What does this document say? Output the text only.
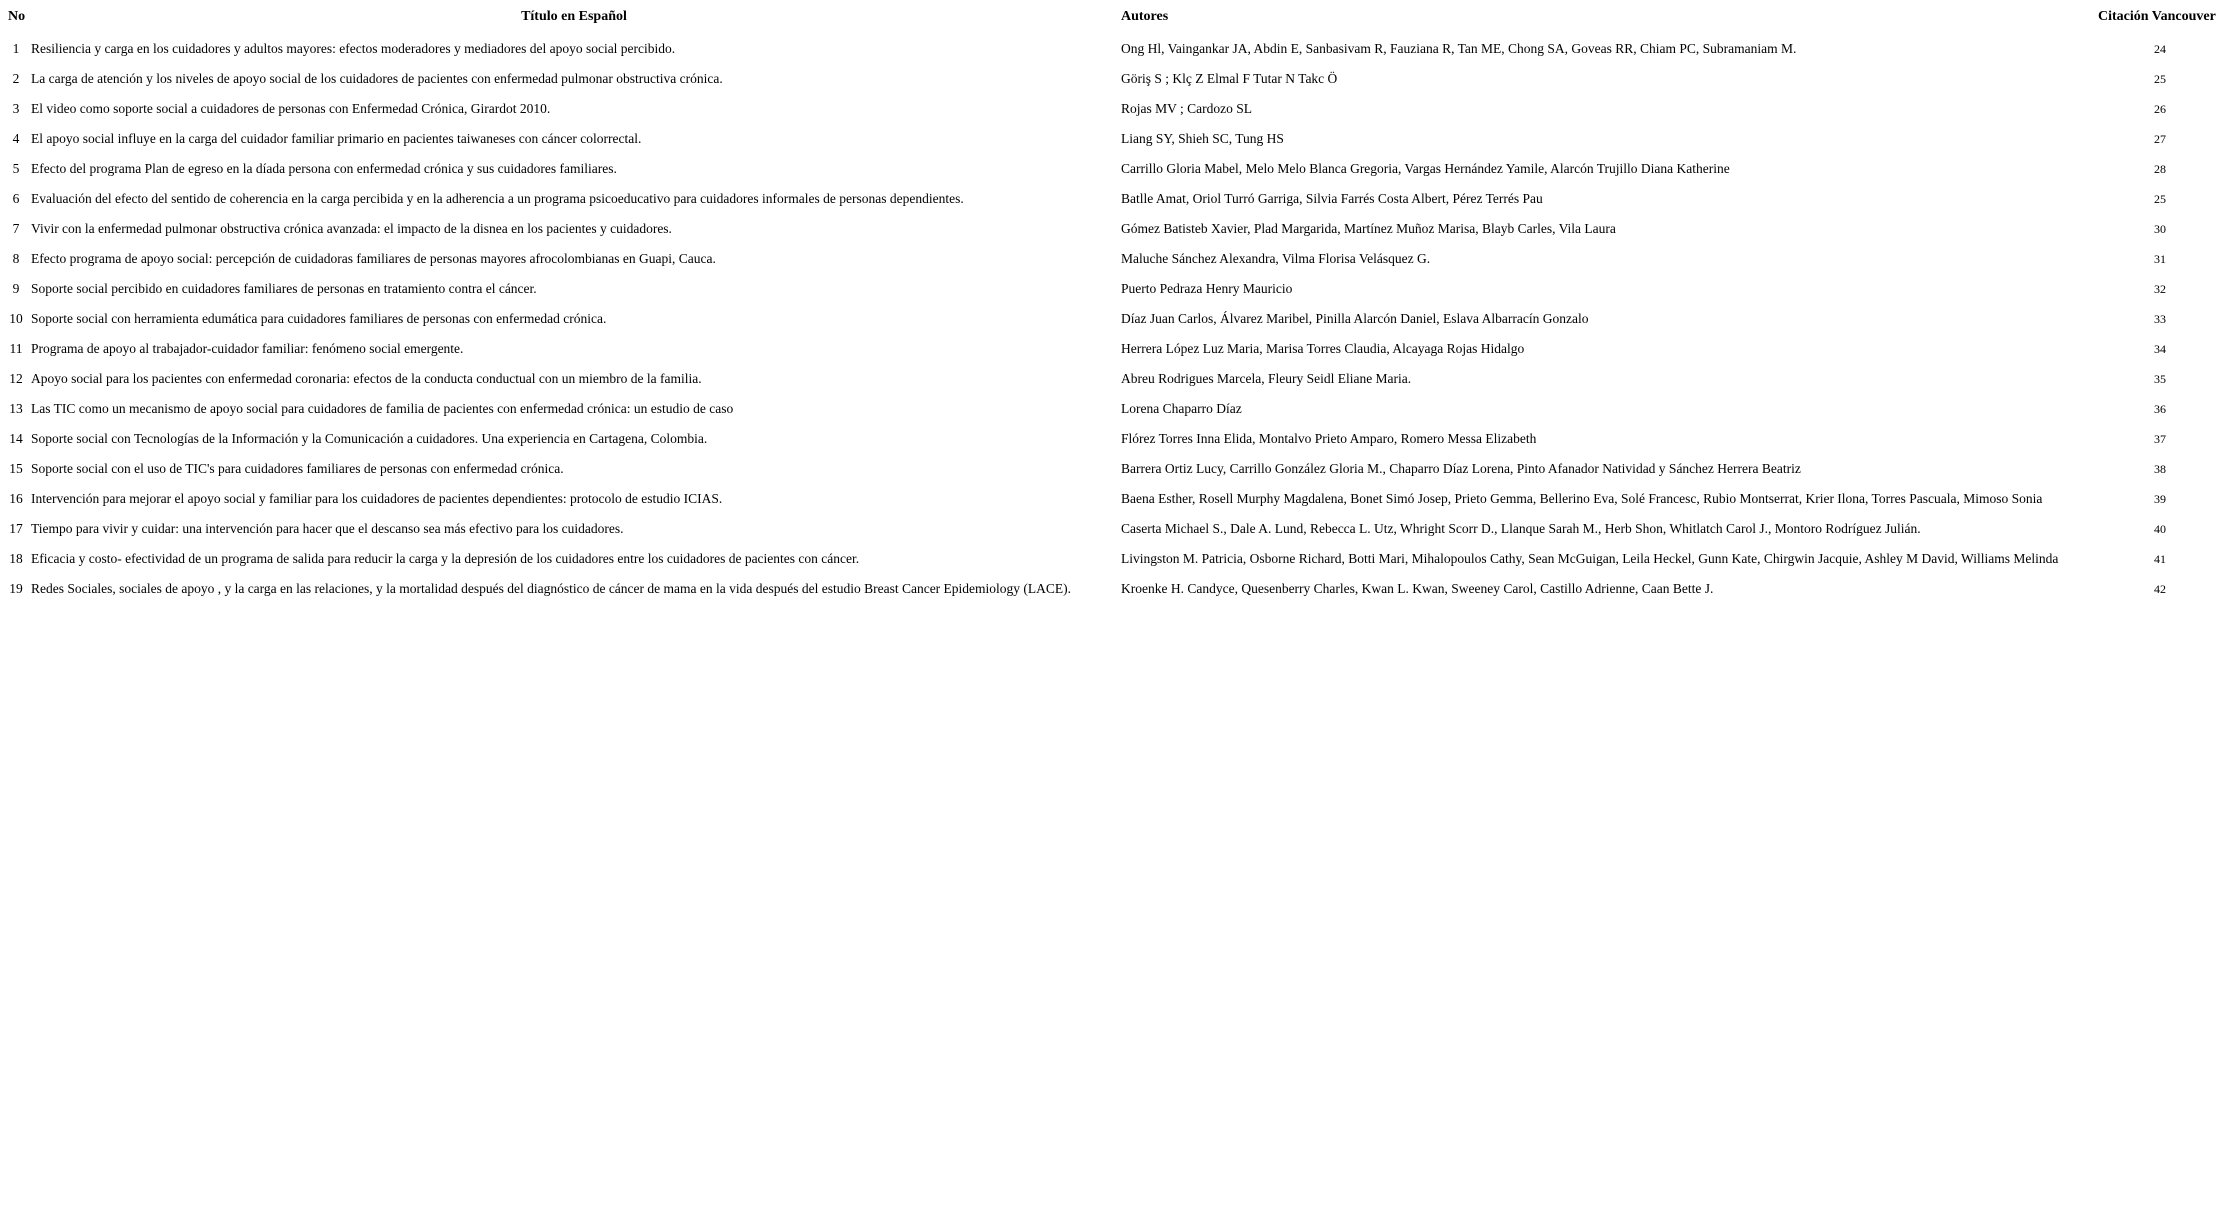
No	Título en Español	Autores	Citación Vancouver
1	Resiliencia y carga en los cuidadores y adultos mayores: efectos moderadores y mediadores del apoyo social percibido.	Ong Hl, Vaingankar JA, Abdin E, Sanbasivam R, Fauziana R, Tan ME, Chong SA, Goveas RR, Chiam PC, Subramaniam M.	24
2	La carga de atención y los niveles de apoyo social de los cuidadores de pacientes con enfermedad pulmonar obstructiva crónica.	Göriş S ; Klç Z Elmal F Tutar N Takc Ö	25
3	El video como soporte social a cuidadores de personas con Enfermedad Crónica, Girardot 2010.	Rojas MV ; Cardozo SL	26
4	El apoyo social influye en la carga del cuidador familiar primario en pacientes taiwaneses con cáncer colorrectal.	Liang SY, Shieh SC, Tung HS	27
5	Efecto del programa Plan de egreso en la díada persona con enfermedad crónica y sus cuidadores familiares.	Carrillo Gloria Mabel, Melo Melo Blanca Gregoria, Vargas Hernández Yamile, Alarcón Trujillo Diana Katherine	28
6	Evaluación del efecto del sentido de coherencia en la carga percibida y en la adherencia a un programa psicoeducativo para cuidadores informales de personas dependientes.	Batlle Amat, Oriol Turró Garriga, Silvia Farrés Costa Albert, Pérez Terrés Pau	25
7	Vivir con la enfermedad pulmonar obstructiva crónica avanzada: el impacto de la disnea en los pacientes y cuidadores.	Gómez Batisteb Xavier, Plad Margarida, Martínez Muñoz Marisa, Blayb Carles, Vila Laura	30
8	Efecto programa de apoyo social: percepción de cuidadoras familiares de personas mayores afrocolombianas en Guapi, Cauca.	Maluche Sánchez Alexandra, Vilma Florisa Velásquez G.	31
9	Soporte social percibido en cuidadores familiares de personas en tratamiento contra el cáncer.	Puerto Pedraza Henry Mauricio	32
10	Soporte social con herramienta edumática para cuidadores familiares de personas con enfermedad crónica.	Díaz Juan Carlos, Álvarez Maribel, Pinilla Alarcón Daniel, Eslava Albarracín Gonzalo	33
11	Programa de apoyo al trabajador-cuidador familiar: fenómeno social emergente.	Herrera López Luz Maria, Marisa Torres Claudia, Alcayaga Rojas Hidalgo	34
12	Apoyo social para los pacientes con enfermedad coronaria: efectos de la conducta conductual con un miembro de la familia.	Abreu Rodrigues Marcela, Fleury Seidl Eliane Maria.	35
13	Las TIC como un mecanismo de apoyo social para cuidadores de familia de pacientes con enfermedad crónica: un estudio de caso	Lorena Chaparro Díaz	36
14	Soporte social con Tecnologías de la Información y la Comunicación a cuidadores. Una experiencia en Cartagena, Colombia.	Flórez Torres Inna Elida, Montalvo Prieto Amparo, Romero Messa Elizabeth	37
15	Soporte social con el uso de TIC's para cuidadores familiares de personas con enfermedad crónica.	Barrera Ortiz Lucy, Carrillo González Gloria M., Chaparro Díaz Lorena, Pinto Afanador Natividad y Sánchez Herrera Beatriz	38
16	Intervención para mejorar el apoyo social y familiar para los cuidadores de pacientes dependientes: protocolo de estudio ICIAS.	Baena Esther, Rosell Murphy Magdalena, Bonet Simó Josep, Prieto Gemma, Bellerino Eva, Solé Francesc, Rubio Montserrat, Krier Ilona, Torres Pascuala, Mimoso Sonia	39
17	Tiempo para vivir y cuidar: una intervención para hacer que el descanso sea más efectivo para los cuidadores.	Caserta Michael S., Dale A. Lund, Rebecca L. Utz, Whright Scorr D., Llanque Sarah M., Herb Shon, Whitlatch Carol J., Montoro Rodríguez Julián.	40
18	Eficacia y costo- efectividad de un programa de salida para reducir la carga y la depresión de los cuidadores entre los cuidadores de pacientes con cáncer.	Livingston M. Patricia, Osborne Richard, Botti Mari, Mihalopoulos Cathy, Sean McGuigan, Leila Heckel, Gunn Kate, Chirgwin Jacquie, Ashley M David, Williams Melinda	41
19	Redes Sociales, sociales de apoyo , y la carga en las relaciones, y la mortalidad después del diagnóstico de cáncer de mama en la vida después del estudio Breast Cancer Epidemiology (LACE).	Kroenke H. Candyce, Quesenberry Charles, Kwan L. Kwan, Sweeney Carol, Castillo Adrienne, Caan Bette J.	42
